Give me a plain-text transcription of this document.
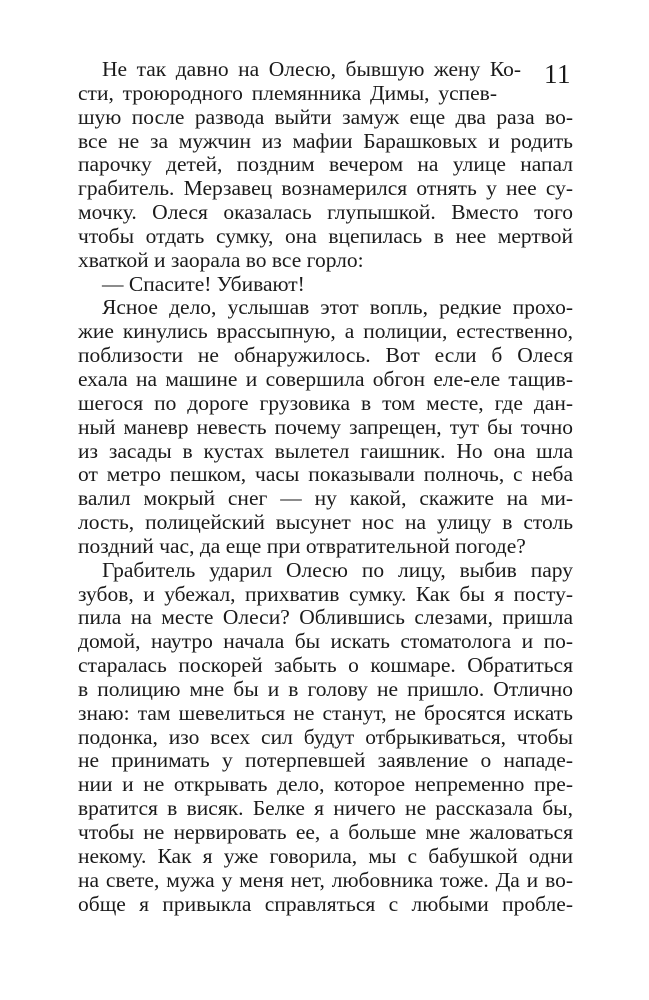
11
Не так давно на Олесю, бывшую жену Ко-
сти, троюродного племянника Димы, успев-
шую после развода выйти замуж еще два раза во-
все не за мужчин из мафии Барашковых и родить
парочку детей, поздним вечером на улице напал
грабитель. Мерзавец вознамерился отнять у нее су-
мочку. Олеся оказалась глупышкой. Вместо того
чтобы отдать сумку, она вцепилась в нее мертвой
хваткой и заорала во все горло:
— Спасите! Убивают!
Ясное дело, услышав этот вопль, редкие прохо-
жие кинулись врассыпную, а полиции, естественно,
поблизости не обнаружилось. Вот если б Олеся
ехала на машине и совершила обгон еле-еле тащив-
шегося по дороге грузовика в том месте, где дан-
ный маневр невесть почему запрещен, тут бы точно
из засады в кустах вылетел гаишник. Но она шла
от метро пешком, часы показывали полночь, с неба
валил мокрый снег — ну какой, скажите на ми-
лость, полицейский высунет нос на улицу в столь
поздний час, да еще при отвратительной погоде?
Грабитель ударил Олесю по лицу, выбив пару
зубов, и убежал, прихватив сумку. Как бы я посту-
пила на месте Олеси? Облившись слезами, пришла
домой, наутро начала бы искать стоматолога и по-
старалась поскорей забыть о кошмаре. Обратиться
в полицию мне бы и в голову не пришло. Отлично
знаю: там шевелиться не станут, не бросятся искать
подонка, изо всех сил будут отбрыкиваться, чтобы
не принимать у потерпевшей заявление о нападе-
нии и не открывать дело, которое непременно пре-
вратится в висяк. Белке я ничего не рассказала бы,
чтобы не нервировать ее, а больше мне жаловаться
некому. Как я уже говорила, мы с бабушкой одни
на свете, мужа у меня нет, любовника тоже. Да и во-
обще я привыкла справляться с любыми пробле-
